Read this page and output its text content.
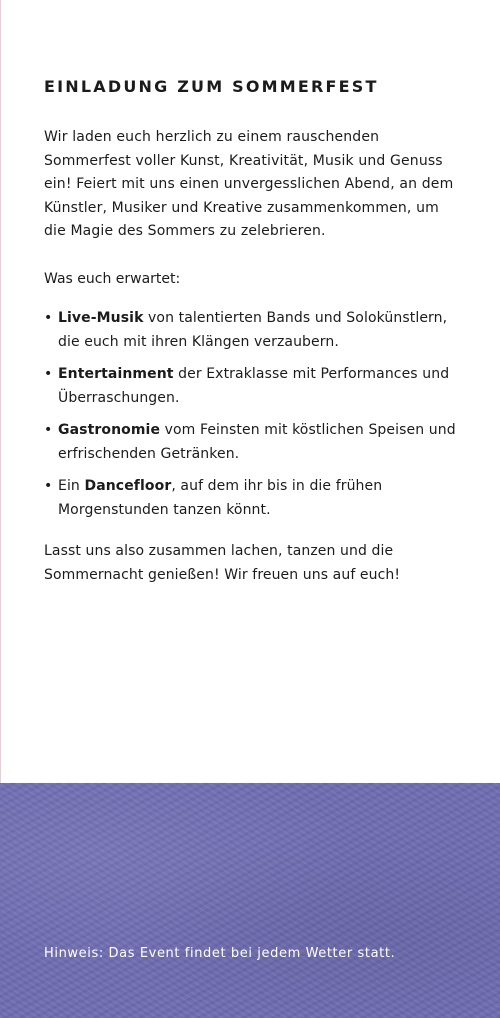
EINLADUNG ZUM SOMMERFEST

Wir laden euch herzlich zu einem rauschenden Sommerfest voller Kunst, Kreativität, Musik und Genuss ein! Feiert mit uns einen unvergesslichen Abend, an dem Künstler, Musiker und Kreative zusammenkommen, um die Magie des Sommers zu zelebrieren.

Was euch erwartet:

• Live-Musik von talentierten Bands und Solokünstlern, die euch mit ihren Klängen verzaubern.
• Entertainment der Extraklasse mit Performances und Überraschungen.
• Gastronomie vom Feinsten mit köstlichen Speisen und erfrischenden Getränken.
• Ein Dancefloor, auf dem ihr bis in die frühen Morgenstunden tanzen könnt.

Lasst uns also zusammen lachen, tanzen und die Sommernacht genießen! Wir freuen uns auf euch!

Hinweis: Das Event findet bei jedem Wetter statt.
